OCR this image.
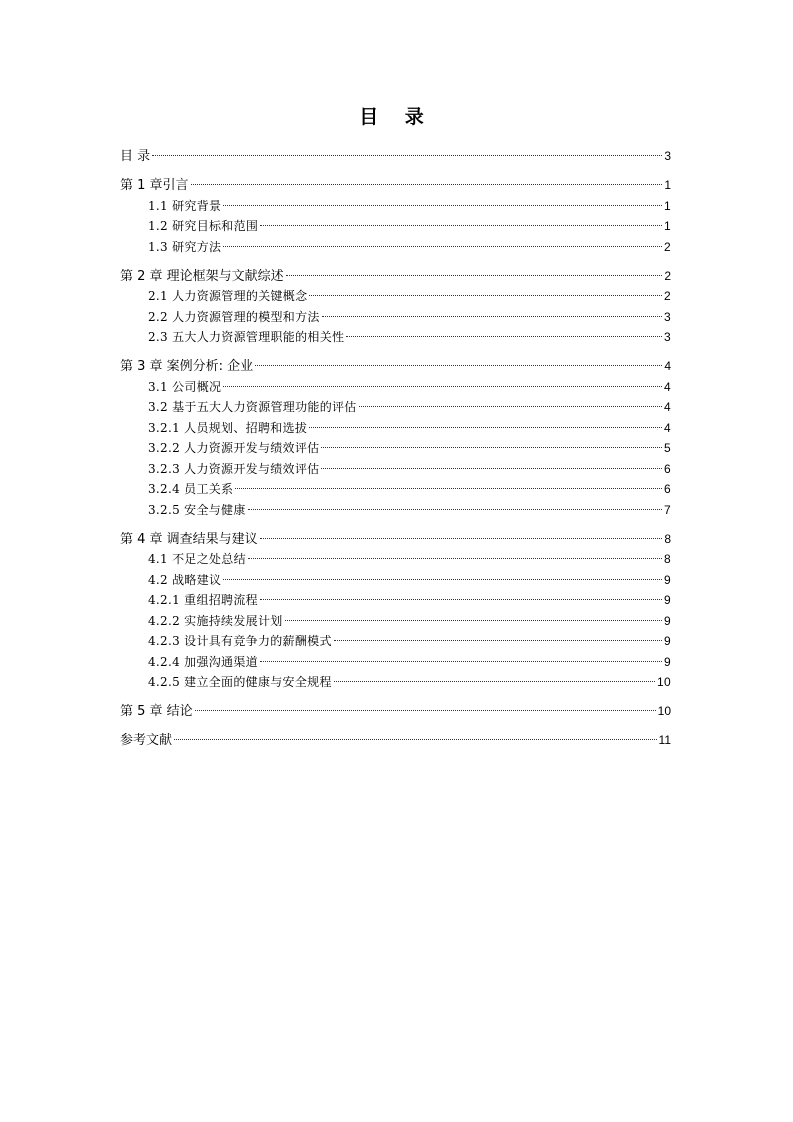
目 录
目 录	3
第 1 章引言	1
1.1 研究背景	1
1.2 研究目标和范围	1
1.3 研究方法	2
第 2 章 理论框架与文献综述	2
2.1 人力资源管理的关键概念	2
2.2 人力资源管理的模型和方法	3
2.3 五大人力资源管理职能的相关性	3
第 3 章 案例分析: 企业	4
3.1 公司概况	4
3.2 基于五大人力资源管理功能的评估	4
3.2.1 人员规划、招聘和选拔	4
3.2.2 人力资源开发与绩效评估	5
3.2.3 人力资源开发与绩效评估	6
3.2.4 员工关系	6
3.2.5 安全与健康	7
第 4 章 调查结果与建议	8
4.1 不足之处总结	8
4.2 战略建议	9
4.2.1 重组招聘流程	9
4.2.2 实施持续发展计划	9
4.2.3 设计具有竞争力的薪酬模式	9
4.2.4 加强沟通渠道	9
4.2.5 建立全面的健康与安全规程	10
第 5 章 结论	10
参考文献	11
